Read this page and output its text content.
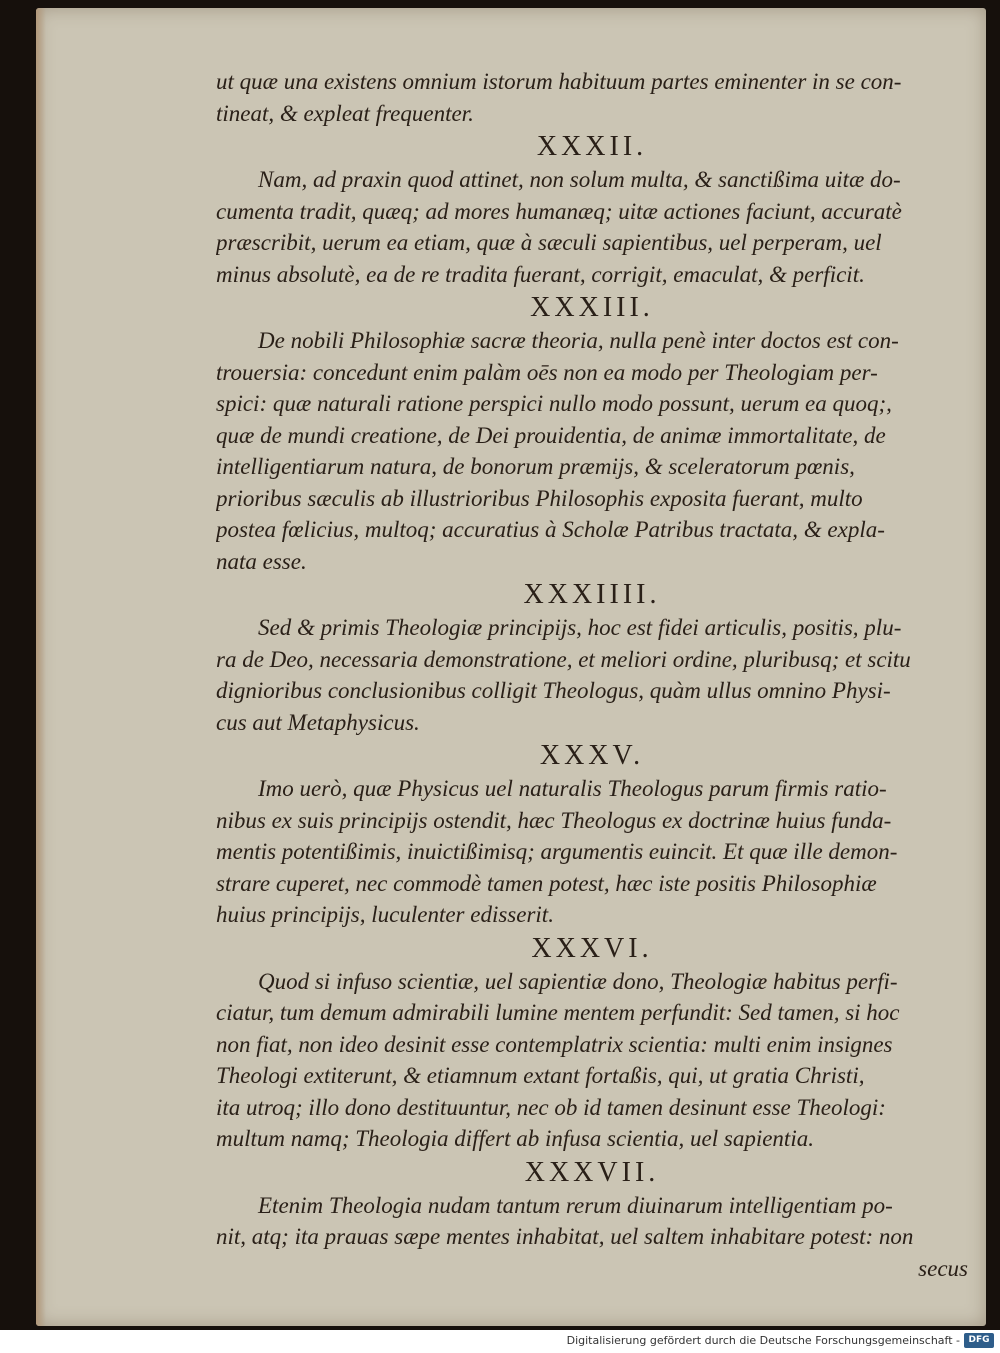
ut quæ una existens omnium istorum habituum partes eminenter in se con-
tineat, & expleat frequenter.
XXXII.
Nam, ad praxin quod attinet, non solum multa, & sanctißima uitæ do-
cumenta tradit, quæq; ad mores humanæq; uitæ actiones faciunt, accuratè
præscribit, uerum ea etiam, quæ à sæculi sapientibus, uel perperam, uel
minus absolutè, ea de re tradita fuerant, corrigit, emaculat, & perficit.
XXXIII.
De nobili Philosophiæ sacræ theoria, nulla penè inter doctos est con-
trouersia: concedunt enim palàm oēs non ea modo per Theologiam per-
spici: quæ naturali ratione perspici nullo modo possunt, uerum ea quoq;,
quæ de mundi creatione, de Dei prouidentia, de animæ immortalitate, de
intelligentiarum natura, de bonorum præmijs, & sceleratorum pœnis,
prioribus sæculis ab illustrioribus Philosophis exposita fuerant, multo
postea fœlicius, multoq; accuratius à Scholæ Patribus tractata, & expla-
nata esse.
XXXIIII.
Sed & primis Theologiæ principijs, hoc est fidei articulis, positis, plu-
ra de Deo, necessaria demonstratione, et meliori ordine, pluribusq; et scitu
dignioribus conclusionibus colligit Theologus, quàm ullus omnino Physi-
cus aut Metaphysicus.
XXXV.
Imo uerò, quæ Physicus uel naturalis Theologus parum firmis ratio-
nibus ex suis principijs ostendit, hæc Theologus ex doctrinæ huius funda-
mentis potentißimis, inuictißimisq; argumentis euincit. Et quæ ille demon-
strare cuperet, nec commodè tamen potest, hæc iste positis Philosophiæ
huius principijs, luculenter edisserit.
XXXVI.
Quod si infuso scientiæ, uel sapientiæ dono, Theologiæ habitus perfi-
ciatur, tum demum admirabili lumine mentem perfundit: Sed tamen, si hoc
non fiat, non ideo desinit esse contemplatrix scientia: multi enim insignes
Theologi extiterunt, & etiamnum extant fortaßis, qui, ut gratia Christi,
ita utroq; illo dono destituuntur, nec ob id tamen desinunt esse Theologi:
multum namq; Theologia differt ab infusa scientia, uel sapientia.
XXXVII.
Etenim Theologia nudam tantum rerum diuinarum intelligentiam po-
nit, atq; ita prauas sæpe mentes inhabitat, uel saltem inhabitare potest: non
secus
Digitalisierung gefördert durch die Deutsche Forschungsgemeinschaft - DFG
